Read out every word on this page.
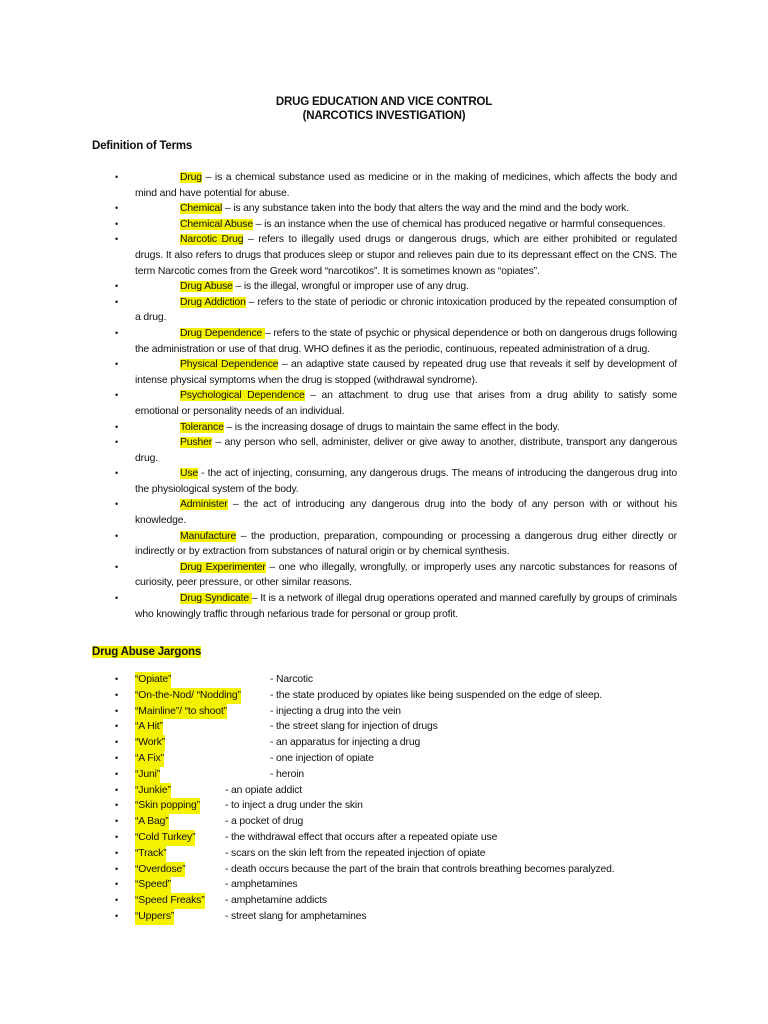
DRUG EDUCATION AND VICE CONTROL
(NARCOTICS INVESTIGATION)
Definition of Terms
•	Drug – is a chemical substance used as medicine or in the making of medicines, which affects the body and mind and have potential for abuse.
•	Chemical – is any substance taken into the body that alters the way and the mind and the body work.
•	Chemical Abuse – is an instance when the use of chemical has produced negative or harmful consequences.
•	Narcotic Drug – refers to illegally used drugs or dangerous drugs, which are either prohibited or regulated drugs. It also refers to drugs that produces sleep or stupor and relieves pain due to its depressant effect on the CNS. The term Narcotic comes from the Greek word “narcotikos”. It is sometimes known as “opiates”.
•	Drug Abuse – is the illegal, wrongful or improper use of any drug.
•	Drug Addiction – refers to the state of periodic or chronic intoxication produced by the repeated consumption of a drug.
•	Drug Dependence – refers to the state of psychic or physical dependence or both on dangerous drugs following the administration or use of that drug. WHO defines it as the periodic, continuous, repeated administration of a drug.
•	Physical Dependence – an adaptive state caused by repeated drug use that reveals it self by development of intense physical symptoms when the drug is stopped (withdrawal syndrome).
•	Psychological Dependence – an attachment to drug use that arises from a drug ability to satisfy some emotional or personality needs of an individual.
•	Tolerance – is the increasing dosage of drugs to maintain the same effect in the body.
•	Pusher – any person who sell, administer, deliver or give away to another, distribute, transport any dangerous drug.
•	Use - the act of injecting, consuming, any dangerous drugs. The means of introducing the dangerous drug into the physiological system of the body.
•	Administer – the act of introducing any dangerous drug into the body of any person with or without his knowledge.
•	Manufacture – the production, preparation, compounding or processing a dangerous drug either directly or indirectly or by extraction from substances of natural origin or by chemical synthesis.
•	Drug Experimenter – one who illegally, wrongfully, or improperly uses any narcotic substances for reasons of curiosity, peer pressure, or other similar reasons.
•	Drug Syndicate – It is a network of illegal drug operations operated and manned carefully by groups of criminals who knowingly traffic through nefarious trade for personal or group profit.
Drug Abuse Jargons
• “Opiate”	- Narcotic
• “On-the-Nod/ “Nodding”	- the state produced by opiates like being suspended on the edge of sleep.
• “Mainline”/ “to shoot”	- injecting a drug into the vein
• “A Hit”	- the street slang for injection of drugs
• “Work”	- an apparatus for injecting a drug
• “A Fix”	- one injection of opiate
• “Juni”	- heroin
• “Junkie”	- an opiate addict
• “Skin popping” - to inject a drug under the skin
• “A Bag”	- a pocket of drug
• “Cold Turkey”	- the withdrawal effect that occurs after a repeated opiate use
• “Track”	- scars on the skin left from the repeated injection of opiate
• “Overdose”	- death occurs because the part of the brain that controls breathing becomes paralyzed.
• “Speed”	- amphetamines
• “Speed Freaks” - amphetamine addicts
• “Uppers”	- street slang for amphetamines
